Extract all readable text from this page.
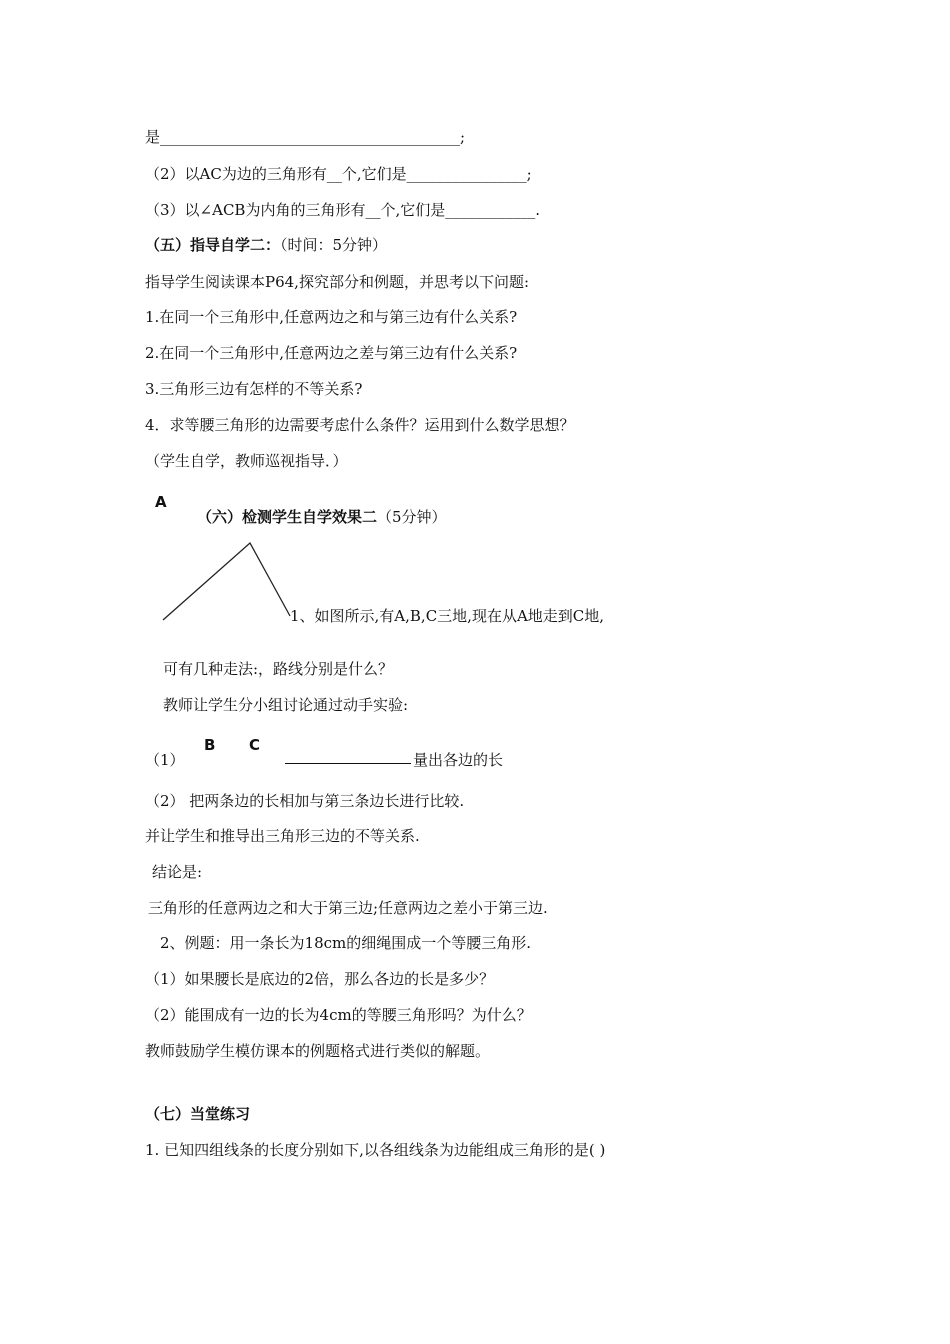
是________________________________________;
（2）以AC为边的三角形有__个,它们是________________;
（3）以∠ACB为内角的三角形有__个,它们是____________.
（五）指导自学二：（时间：5分钟）
指导学生阅读课本P64,探究部分和例题，并思考以下问题:
1.在同一个三角形中,任意两边之和与第三边有什么关系?
2.在同一个三角形中,任意两边之差与第三边有什么关系?
3.三角形三边有怎样的不等关系?
4．求等腰三角形的边需要考虑什么条件？运用到什么数学思想？
（学生自学，教师巡视指导．）
A
（六）检测学生自学效果二（5分钟）
1、如图所示,有A,B,C三地,现在从A地走到C地,
可有几种走法:，路线分别是什么？
教师让学生分小组讨论通过动手实验:
B C
（1）	量出各边的长
（2） 把两条边的长相加与第三条边长进行比较.
并让学生和推导出三角形三边的不等关系.
结论是:
三角形的任意两边之和大于第三边;任意两边之差小于第三边.
2、例题：用一条长为18cm的细绳围成一个等腰三角形.
（1）如果腰长是底边的2倍，那么各边的长是多少？
（2）能围成有一边的长为4cm的等腰三角形吗？为什么？
教师鼓励学生模仿课本的例题格式进行类似的解题。
（七）当堂练习
1. 已知四组线条的长度分别如下,以各组线条为边能组成三角形的是( )
